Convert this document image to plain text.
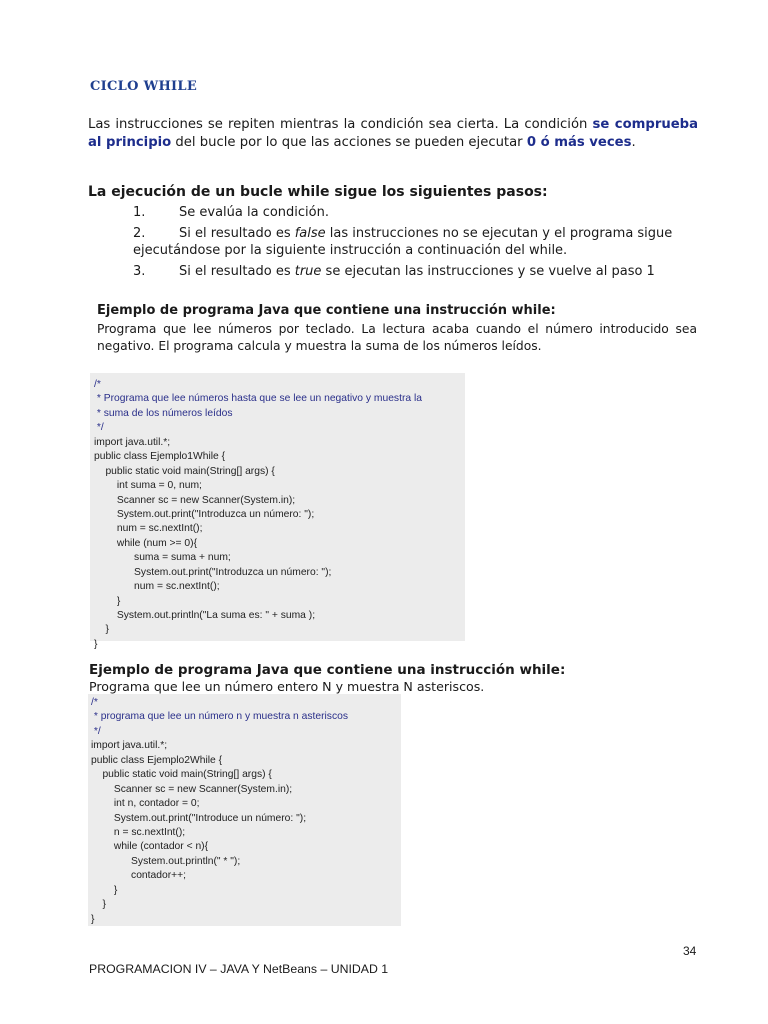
CICLO WHILE
Las instrucciones se repiten mientras la condición sea cierta. La condición se comprueba al principio del bucle por lo que las acciones se pueden ejecutar 0 ó más veces.
La ejecución de un bucle while sigue los siguientes pasos:
1.	Se evalúa la condición.
2.	Si el resultado es false las instrucciones no se ejecutan y el programa sigue
ejecutándose por la siguiente instrucción a continuación del while.
3.	Si el resultado es true se ejecutan las instrucciones y se vuelve al paso 1
Ejemplo de programa Java que contiene una instrucción while:
Programa que lee números por teclado. La lectura acaba cuando el número introducido sea negativo. El programa calcula y muestra la suma de los números leídos.
/*
* Programa que lee números hasta que se lee un negativo y muestra la
* suma de los números leídos
*/
import java.util.*;
public class Ejemplo1While {
public static void main(String[] args) {
int suma = 0, num;
Scanner sc = new Scanner(System.in);
System.out.print("Introduzca un número: ");
num = sc.nextInt();
while (num >= 0){
suma = suma + num;
System.out.print("Introduzca un número: ");
num = sc.nextInt();
}
System.out.println("La suma es: " + suma );
}
}
Ejemplo de programa Java que contiene una instrucción while:
Programa que lee un número entero N y muestra N asteriscos.
/*
* programa que lee un número n y muestra n asteriscos
*/
import java.util.*;
public class Ejemplo2While {
public static void main(String[] args) {
Scanner sc = new Scanner(System.in);
int n, contador = 0;
System.out.print("Introduce un número: ");
n = sc.nextInt();
while (contador < n){
System.out.println(" * ");
contador++;
}
}
}
34
PROGRAMACION IV – JAVA Y NetBeans – UNIDAD 1
